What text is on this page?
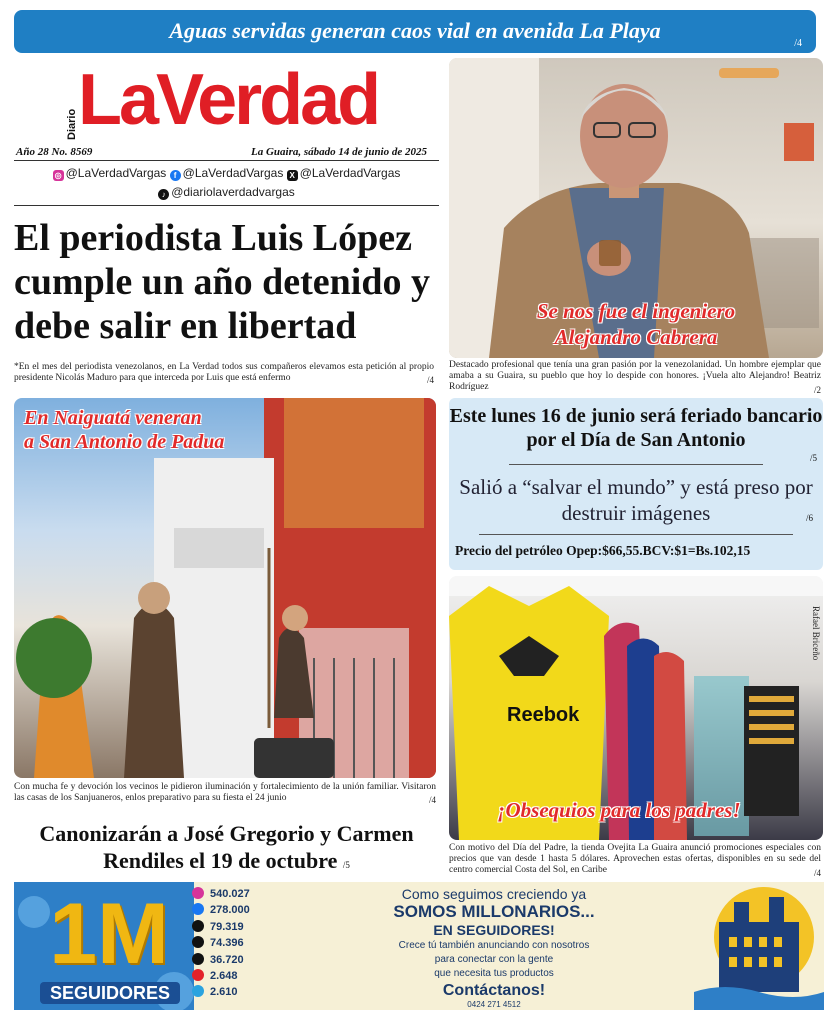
Aguas servidas generan caos vial en avenida La Playa
/4
Diario LaVerdad
Año 28 No. 8569	La Guaira, sábado 14 de junio de 2025
◎ @LaVerdadVargas f @LaVerdadVargas X @LaVerdadVargas
♪ @diariolaverdadvargas
El periodista Luis López cumple un año detenido y debe salir en libertad
*En el mes del periodista venezolanos, en La Verdad todos sus compañeros elevamos esta petición al propio presidente Nicolás Maduro para que interceda por Luis que está enfermo	/4
Se nos fue el ingeniero
Alejandro Cabrera
Destacado profesional que tenía una gran pasión por la venezolanidad. Un hombre ejemplar que amaba a su Guaira, su pueblo que hoy lo despide con honores. ¡Vuela alto Alejandro! Beatriz Rodríguez	/2
En Naiguatá veneran
a San Antonio de Padua
Con mucha fe y devoción los vecinos le pidieron iluminación y fortalecimiento de la unión familiar. Visitaron las casas de los Sanjuaneros, enlos preparativo para su fiesta el 24 junio	/4
Este lunes 16 de junio será feriado bancario por el Día de San Antonio
/5
Salió a “salvar el mundo” y está preso por destruir imágenes	/6
Precio del petróleo Opep:$66,55.BCV:$1=Bs.102,15
Reebok
Rafael Briceño
¡Obsequios para los padres!
Con motivo del Día del Padre, la tienda Ovejita La Guaira anunció promociones especiales con precios que van desde 1 hasta 5 dólares. Aprovechen estas ofertas, disponibles en su sede del centro comercial Costa del Sol, en Caribe	/4
Canonizarán a José Gregorio y Carmen Rendiles el 19 de octubre /5
1M
SEGUIDORES
540.027
278.000
79.319
74.396
36.720
2.648
2.610
Como seguimos creciendo ya
SOMOS MILLONARIOS...
EN SEGUIDORES!
Crece tú también anunciando con nosotros
para conectar con la gente
que necesita tus productos
Contáctanos!
0424 271 4512
